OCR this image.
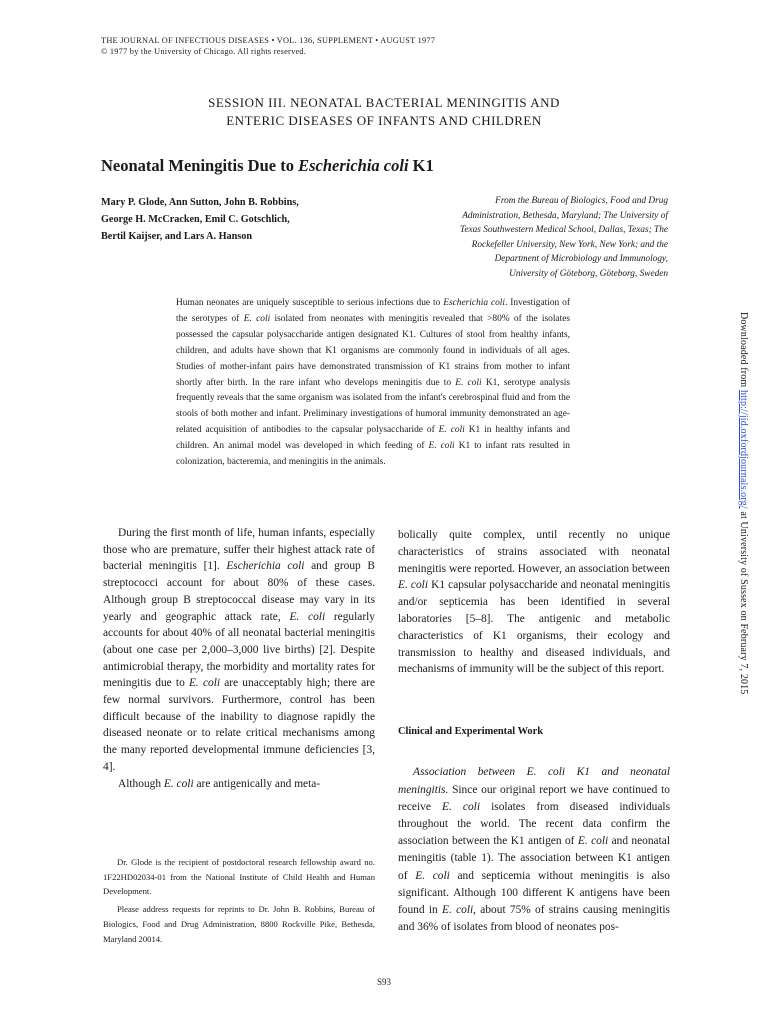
THE JOURNAL OF INFECTIOUS DISEASES • VOL. 136, SUPPLEMENT • AUGUST 1977
© 1977 by the University of Chicago. All rights reserved.
SESSION III. NEONATAL BACTERIAL MENINGITIS AND
ENTERIC DISEASES OF INFANTS AND CHILDREN
Neonatal Meningitis Due to Escherichia coli K1
Mary P. Glode, Ann Sutton, John B. Robbins,
George H. McCracken, Emil C. Gotschlich,
Bertil Kaijser, and Lars A. Hanson
From the Bureau of Biologics, Food and Drug
Administration, Bethesda, Maryland; The University of
Texas Southwestern Medical School, Dallas, Texas; The
Rockefeller University, New York, New York; and the
Department of Microbiology and Immunology,
University of Göteborg, Göteborg, Sweden
Human neonates are uniquely susceptible to serious infections due to Escherichia coli. Investigation of the serotypes of E. coli isolated from neonates with meningitis revealed that >80% of the isolates possessed the capsular polysaccharide antigen designated K1. Cultures of stool from healthy infants, children, and adults have shown that K1 organisms are commonly found in individuals of all ages. Studies of mother-infant pairs have demonstrated transmission of K1 strains from mother to infant shortly after birth. In the rare infant who develops meningitis due to E. coli K1, serotype analysis frequently reveals that the same organism was isolated from the infant's cerebrospinal fluid and from the stools of both mother and infant. Preliminary investigations of humoral immunity demonstrated an age-related acquisition of antibodies to the capsular polysaccharide of E. coli K1 in healthy infants and children. An animal model was developed in which feeding of E. coli K1 to infant rats resulted in colonization, bacteremia, and meningitis in the animals.

During the first month of life, human infants, especially those who are premature, suffer their highest attack rate of bacterial meningitis [1]. Escherichia coli and group B streptococci account for about 80% of these cases. Although group B streptococcal disease may vary in its yearly and geographic attack rate, E. coli regularly accounts for about 40% of all neonatal bacterial meningitis (about one case per 2,000–3,000 live births) [2]. Despite antimicrobial therapy, the morbidity and mortality rates for meningitis due to E. coli are unacceptably high; there are few normal survivors. Furthermore, control has been difficult because of the inability to diagnose rapidly the diseased neonate or to relate critical mechanisms among the many reported developmental immune deficiencies [3, 4].

Although E. coli are antigenically and meta-

Dr. Glode is the recipient of postdoctoral research fellowship award no. 1F22HD02034-01 from the National Institute of Child Health and Human Development.

Please address requests for reprints to Dr. John B. Robbins, Bureau of Biologics, Food and Drug Administration, 8800 Rockville Pike, Bethesda, Maryland 20014.

bolically quite complex, until recently no unique characteristics of strains associated with neonatal meningitis were reported. However, an association between E. coli K1 capsular polysaccharide and neonatal meningitis and/or septicemia has been identified in several laboratories [5–8]. The antigenic and metabolic characteristics of K1 organisms, their ecology and transmission to healthy and diseased individuals, and mechanisms of immunity will be the subject of this report.

Clinical and Experimental Work

Association between E. coli K1 and neonatal meningitis. Since our original report we have continued to receive E. coli isolates from diseased individuals throughout the world. The recent data confirm the association between the K1 antigen of E. coli and neonatal meningitis (table 1). The association between K1 antigen of E. coli and septicemia without meningitis is also significant. Although 100 different K antigens have been found in E. coli, about 75% of strains causing meningitis and 36% of isolates from blood of neonates pos-

S93
Downloaded from http://jid.oxfordjournals.org/ at University of Sussex on February 7, 2015
